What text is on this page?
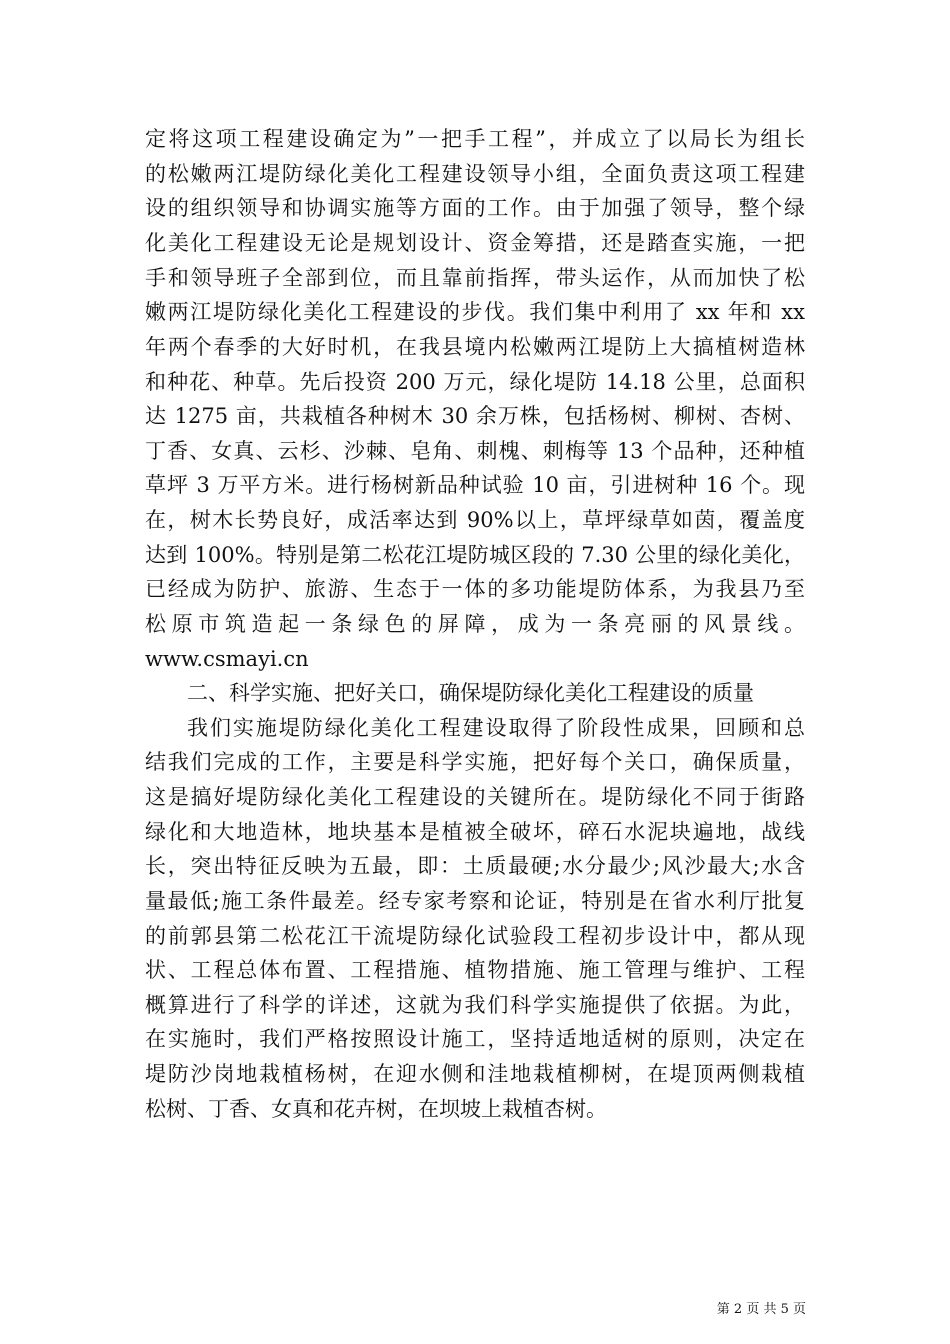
定将这项工程建设确定为”一把手工程”，并成立了以局长为组长
的松嫩两江堤防绿化美化工程建设领导小组，全面负责这项工程建
设的组织领导和协调实施等方面的工作。由于加强了领导，整个绿
化美化工程建设无论是规划设计、资金筹措，还是踏查实施，一把
手和领导班子全部到位，而且靠前指挥，带头运作，从而加快了松
嫩两江堤防绿化美化工程建设的步伐。我们集中利用了 xx 年和 xx
年两个春季的大好时机，在我县境内松嫩两江堤防上大搞植树造林
和种花、种草。先后投资 200 万元，绿化堤防 14.18 公里，总面积
达 1275 亩，共栽植各种树木 30 余万株，包括杨树、柳树、杏树、
丁香、女真、云杉、沙棘、皂角、刺槐、刺梅等 13 个品种，还种植
草坪 3 万平方米。进行杨树新品种试验 10 亩，引进树种 16 个。现
在，树木长势良好，成活率达到 90%以上，草坪绿草如茵，覆盖度
达到 100%。特别是第二松花江堤防城区段的 7.30 公里的绿化美化，
已经成为防护、旅游、生态于一体的多功能堤防体系，为我县乃至
松原市筑造起一条绿色的屏障，成为一条亮丽的风景线。
www.csmayi.cn
二、科学实施、把好关口，确保堤防绿化美化工程建设的质量
我们实施堤防绿化美化工程建设取得了阶段性成果，回顾和总
结我们完成的工作，主要是科学实施，把好每个关口，确保质量，
这是搞好堤防绿化美化工程建设的关键所在。堤防绿化不同于街路
绿化和大地造林，地块基本是植被全破坏，碎石水泥块遍地，战线
长，突出特征反映为五最，即：土质最硬;水分最少;风沙最大;水含
量最低;施工条件最差。经专家考察和论证，特别是在省水利厅批复
的前郭县第二松花江干流堤防绿化试验段工程初步设计中，都从现
状、工程总体布置、工程措施、植物措施、施工管理与维护、工程
概算进行了科学的详述，这就为我们科学实施提供了依据。为此，
在实施时，我们严格按照设计施工，坚持适地适树的原则，决定在
堤防沙岗地栽植杨树，在迎水侧和洼地栽植柳树，在堤顶两侧栽植
松树、丁香、女真和花卉树，在坝坡上栽植杏树。
第 2 页 共 5 页
